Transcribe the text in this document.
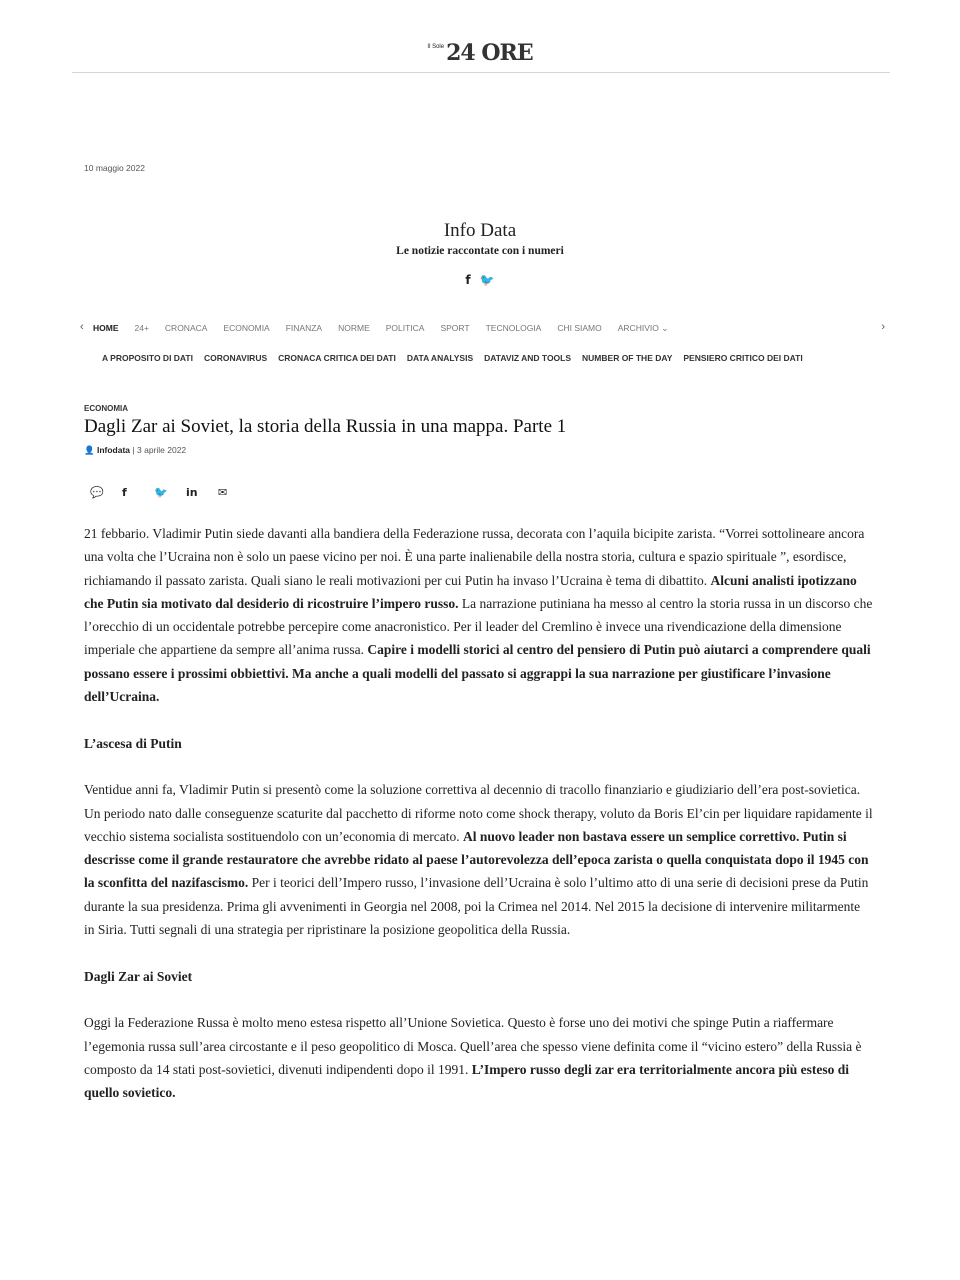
$^{Il Sole}$24 ORE
10 maggio 2022
Info Data
Le notizie raccontate con i numeri
f 🐦
‹ HOME 24+ CRONACA ECONOMIA FINANZA NORME POLITICA SPORT TECNOLOGIA CHI SIAMO ARCHIVIO ⌄	›
A PROPOSITO DI DATI CORONAVIRUS CRONACA CRITICA DEI DATI DATA ANALYSIS DATAVIZ AND TOOLS NUMBER OF THE DAY PENSIERO CRITICO DEI DATI
ECONOMIA
Dagli Zar ai Soviet, la storia della Russia in una mappa. Parte 1
👤 Infodata | 3 aprile 2022
💬	f	🐦	in	✉

21 febbario. Vladimir Putin siede davanti alla bandiera della Federazione russa, decorata con l’aquila bicipite zarista. “Vorrei sottolineare ancora una volta che l’Ucraina non è solo un paese vicino per noi. È una parte inalienabile della nostra storia, cultura e spazio spirituale ”, esordisce, richiamando il passato zarista. Quali siano le reali motivazioni per cui Putin ha invaso l’Ucraina è tema di dibattito. Alcuni analisti ipotizzano che Putin sia motivato dal desiderio di ricostruire l’impero russo. La narrazione putiniana ha messo al centro la storia russa in un discorso che l’orecchio di un occidentale potrebbe percepire come anacronistico. Per il leader del Cremlino è invece una rivendicazione della dimensione imperiale che appartiene da sempre all’anima russa. Capire i modelli storici al centro del pensiero di Putin può aiutarci a comprendere quali possano essere i prossimi obbiettivi. Ma anche a quali modelli del passato si aggrappi la sua narrazione per giustificare l’invasione dell’Ucraina.

L’ascesa di Putin

Ventidue anni fa, Vladimir Putin si presentò come la soluzione correttiva al decennio di tracollo finanziario e giudiziario dell’era post-sovietica. Un periodo nato dalle conseguenze scaturite dal pacchetto di riforme noto come shock therapy, voluto da Boris El’cin per liquidare rapidamente il vecchio sistema socialista sostituendolo con un’economia di mercato. Al nuovo leader non bastava essere un semplice correttivo. Putin si descrisse come il grande restauratore che avrebbe ridato al paese l’autorevolezza dell’epoca zarista o quella conquistata dopo il 1945 con la sconfitta del nazifascismo. Per i teorici dell’Impero russo, l’invasione dell’Ucraina è solo l’ultimo atto di una serie di decisioni prese da Putin durante la sua presidenza. Prima gli avvenimenti in Georgia nel 2008, poi la Crimea nel 2014. Nel 2015 la decisione di intervenire militarmente in Siria. Tutti segnali di una strategia per ripristinare la posizione geopolitica della Russia.

Dagli Zar ai Soviet

Oggi la Federazione Russa è molto meno estesa rispetto all’Unione Sovietica. Questo è forse uno dei motivi che spinge Putin a riaffermare l’egemonia russa sull’area circostante e il peso geopolitico di Mosca. Quell’area che spesso viene definita come il “vicino estero” della Russia è composto da 14 stati post-sovietici, divenuti indipendenti dopo il 1991. L’Impero russo degli zar era territorialmente ancora più esteso di quello sovietico.
